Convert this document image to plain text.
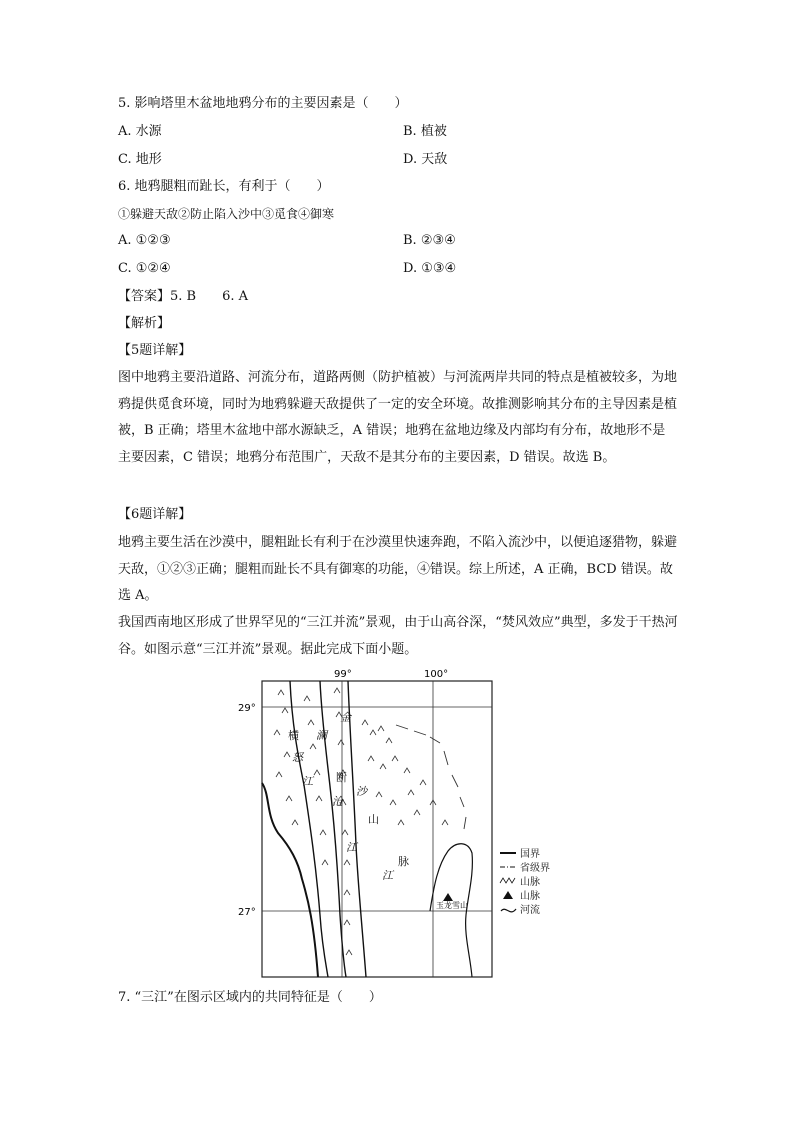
5. 影响塔里木盆地地鸦分布的主要因素是（　　）
A. 水源	B. 植被
C. 地形	D. 天敌
6. 地鸦腿粗而趾长，有利于（　　）
①躲避天敌②防止陷入沙中③觅食④御寒
A. ①②③	B. ②③④
C. ①②④	D. ①③④
【答案】5. B　　6. A
【解析】
【5题详解】
图中地鸦主要沿道路、河流分布，道路两侧（防护植被）与河流两岸共同的特点是植被较多，为地鸦提供觅食环境，同时为地鸦躲避天敌提供了一定的安全环境。故推测影响其分布的主导因素是植被，B 正确；塔里木盆地中部水源缺乏，A 错误；地鸦在盆地边缘及内部均有分布，故地形不是主要因素，C 错误；地鸦分布范围广，天敌不是其分布的主要因素，D 错误。故选 B。
【6题详解】
地鸦主要生活在沙漠中，腿粗趾长有利于在沙漠里快速奔跑，不陷入流沙中，以便追逐猎物，躲避天敌，①②③正确；腿粗而趾长不具有御寒的功能，④错误。综上所述，A 正确，BCD 错误。故选 A。
我国西南地区形成了世界罕见的“三江并流”景观，由于山高谷深，“焚风效应”典型，多发于干热河谷。如图示意“三江并流”景观。据此完成下面小题。
99°	100°
29°
27°
横
断
山
脉
怒
江
澜
沧
江
金
沙
江
玉龙雪山
国界
省级界
山脉
山脉
河流
7. “三江”在图示区域内的共同特征是（　　）
